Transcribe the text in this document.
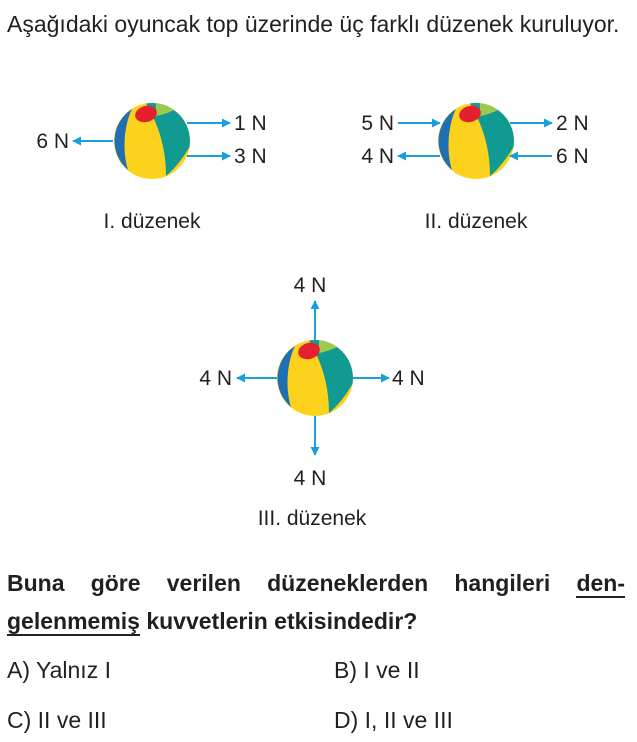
Aşağıdaki oyuncak top üzerinde üç farklı düzenek kuruluyor.
6 N
1 N
3 N
I. düzenek
5 N
4 N
2 N
6 N
II. düzenek
4 N
4 N
4 N	4 N
III. düzenek
Buna göre verilen düzeneklerden hangileri den- gelenmemiş kuvvetlerin etkisindedir?
A) Yalnız I	B) I ve II
C) II ve III	D) I, II ve III
